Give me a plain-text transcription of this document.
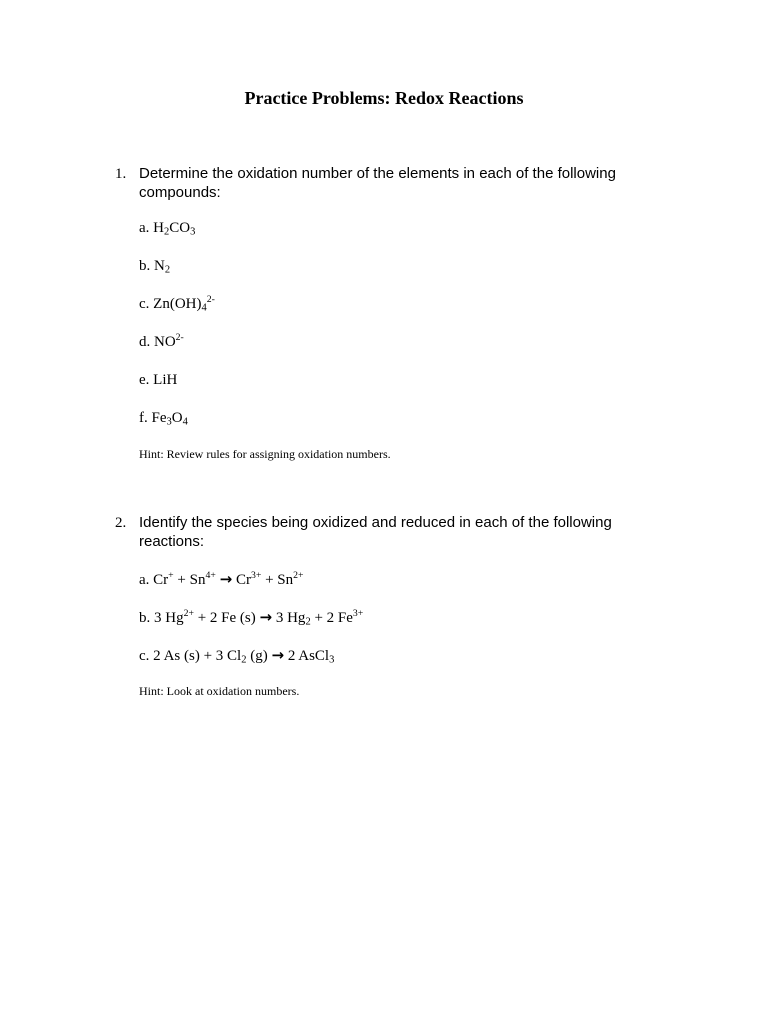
Practice Problems: Redox Reactions
1. Determine the oxidation number of the elements in each of the following compounds:
a. $H_2CO_3$
b. $N_2$
c. $Zn(OH)_4^{2-}$
d. $NO^{2-}$
e. LiH
f. $Fe_3O_4$
Hint: Review rules for assigning oxidation numbers.
2. Identify the species being oxidized and reduced in each of the following reactions:
a. $Cr^+ + Sn^{4+} \to Cr^{3+} + Sn^{2+}$
b. 3 $Hg^{2+} + 2$ Fe (s) → 3 $Hg_2 + 2$ $Fe^{3+}$
c. 2 As (s) + 3 $Cl_2$ (g) → 2 AsCl$_3$
Hint: Look at oxidation numbers.
